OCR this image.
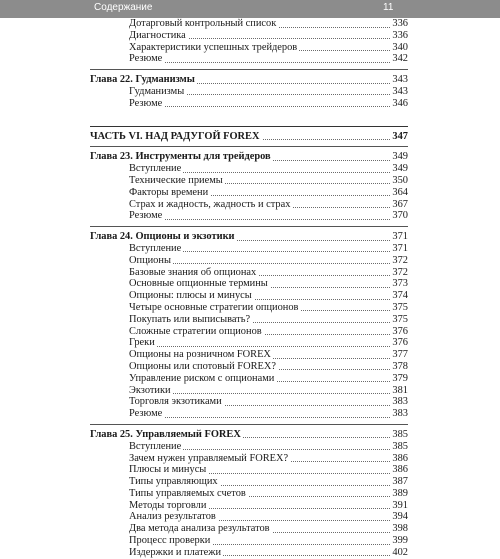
Содержание	11
Дотарговый контрольный список	336
Диагностика	336
Характеристики успешных трейдеров	340
Резюме	342
Глава 22. Гудманизмы	343
Гудманизмы	343
Резюме	346
ЧАСТЬ VI. НАД РАДУГОЙ FOREX	347
Глава 23. Инструменты для трейдеров	349
Вступление	349
Технические приемы	350
Факторы времени	364
Страх и жадность, жадность и страх	367
Резюме	370
Глава 24. Опционы и экзотики	371
Вступление	371
Опционы	372
Базовые знания об опционах	372
Основные опционные термины	373
Опционы: плюсы и минусы	374
Четыре основные стратегии опционов	375
Покупать или выписывать?	375
Сложные стратегии опционов	376
Греки	376
Опционы на розничном FOREX	377
Опционы или спотовый FOREX?	378
Управление риском с опционами	379
Экзотики	381
Торговля экзотиками	383
Резюме	383
Глава 25. Управляемый FOREX	385
Вступление	385
Зачем нужен управляемый FOREX?	386
Плюсы и минусы	386
Типы управляющих	387
Типы управляемых счетов	389
Методы торговли	391
Анализ результатов	394
Два метода анализа результатов	398
Процесс проверки	399
Издержки и платежи	402
